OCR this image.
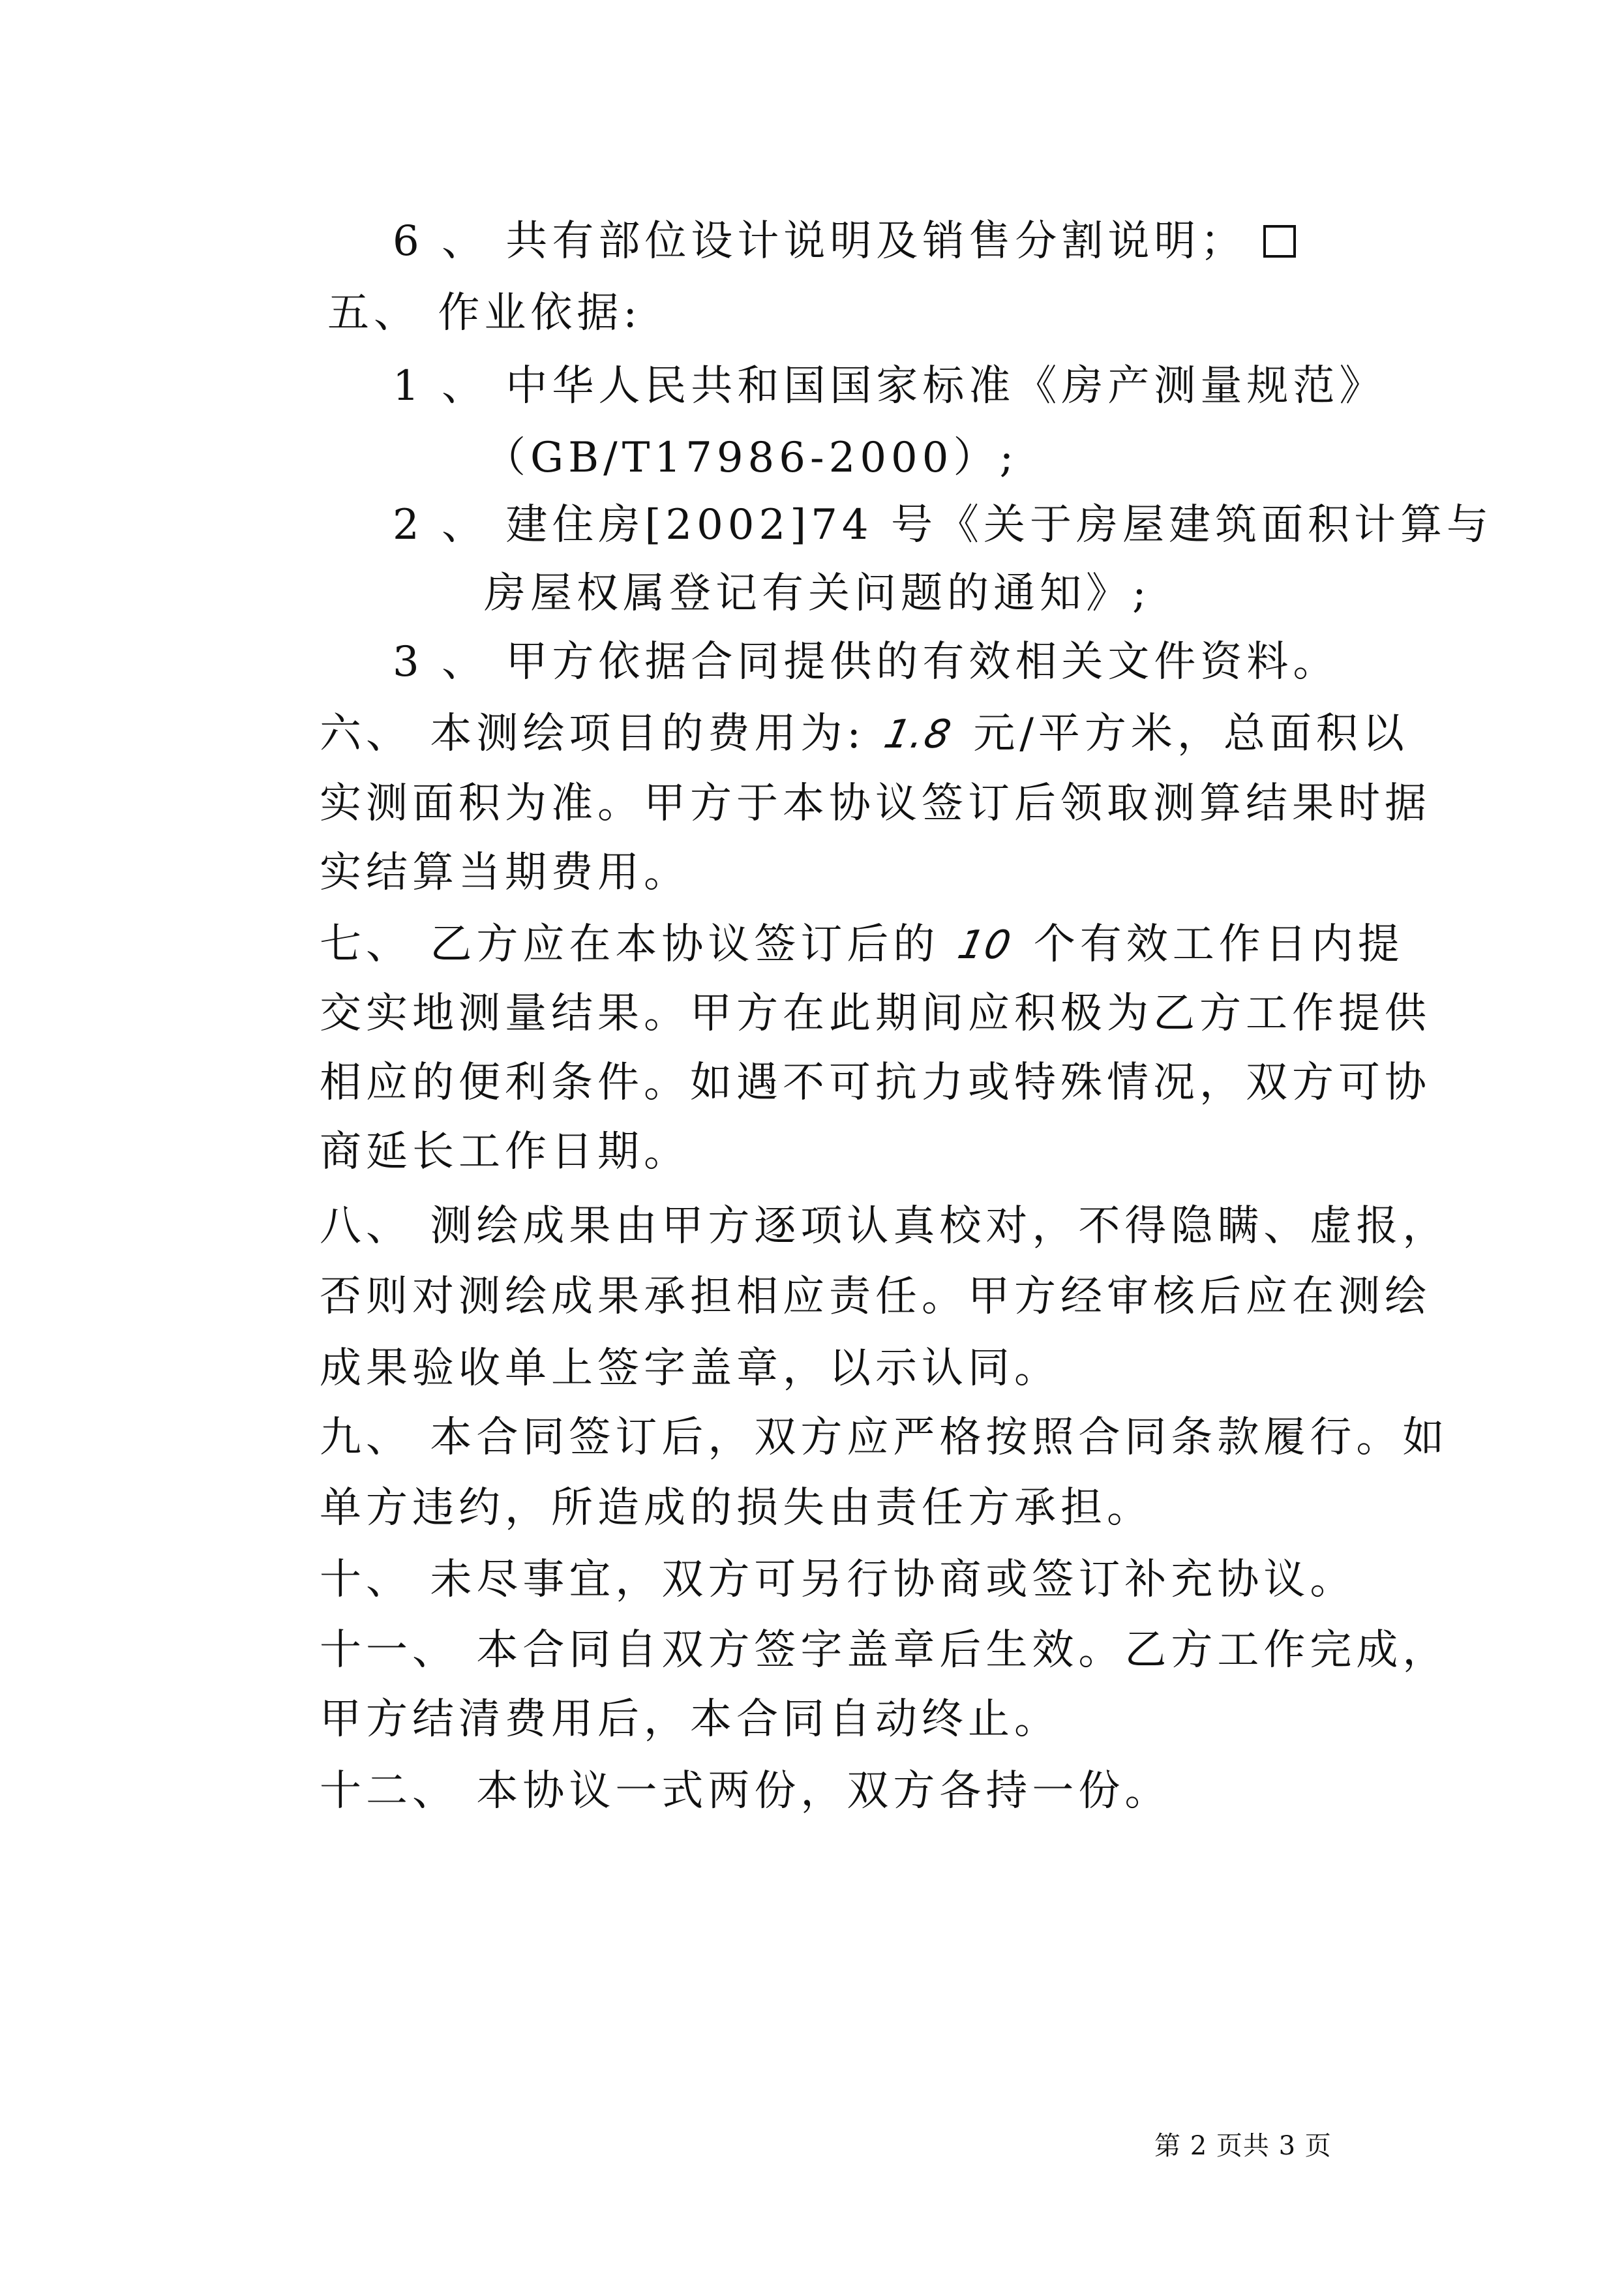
6 、 共有部位设计说明及销售分割说明；
五、 作业依据:
1 、 中华人民共和国国家标准《房产测量规范》
（GB/T17986-2000）;
2 、 建住房[2002]74 号《关于房屋建筑面积计算与
房屋权属登记有关问题的通知》;
3 、 甲方依据合同提供的有效相关文件资料。
六、 本测绘项目的费用为: 1.8 元/平方米，总面积以
实测面积为准。甲方于本协议签订后领取测算结果时据
实结算当期费用。
七、 乙方应在本协议签订后的 10 个有效工作日内提
交实地测量结果。甲方在此期间应积极为乙方工作提供
相应的便利条件。如遇不可抗力或特殊情况，双方可协
商延长工作日期。
八、 测绘成果由甲方逐项认真校对，不得隐瞒、虚报，
否则对测绘成果承担相应责任。甲方经审核后应在测绘
成果验收单上签字盖章，以示认同。
九、 本合同签订后，双方应严格按照合同条款履行。如
单方违约，所造成的损失由责任方承担。
十、 未尽事宜，双方可另行协商或签订补充协议。
十一、 本合同自双方签字盖章后生效。乙方工作完成，
甲方结清费用后，本合同自动终止。
十二、 本协议一式两份，双方各持一份。
第 2 页共 3 页
